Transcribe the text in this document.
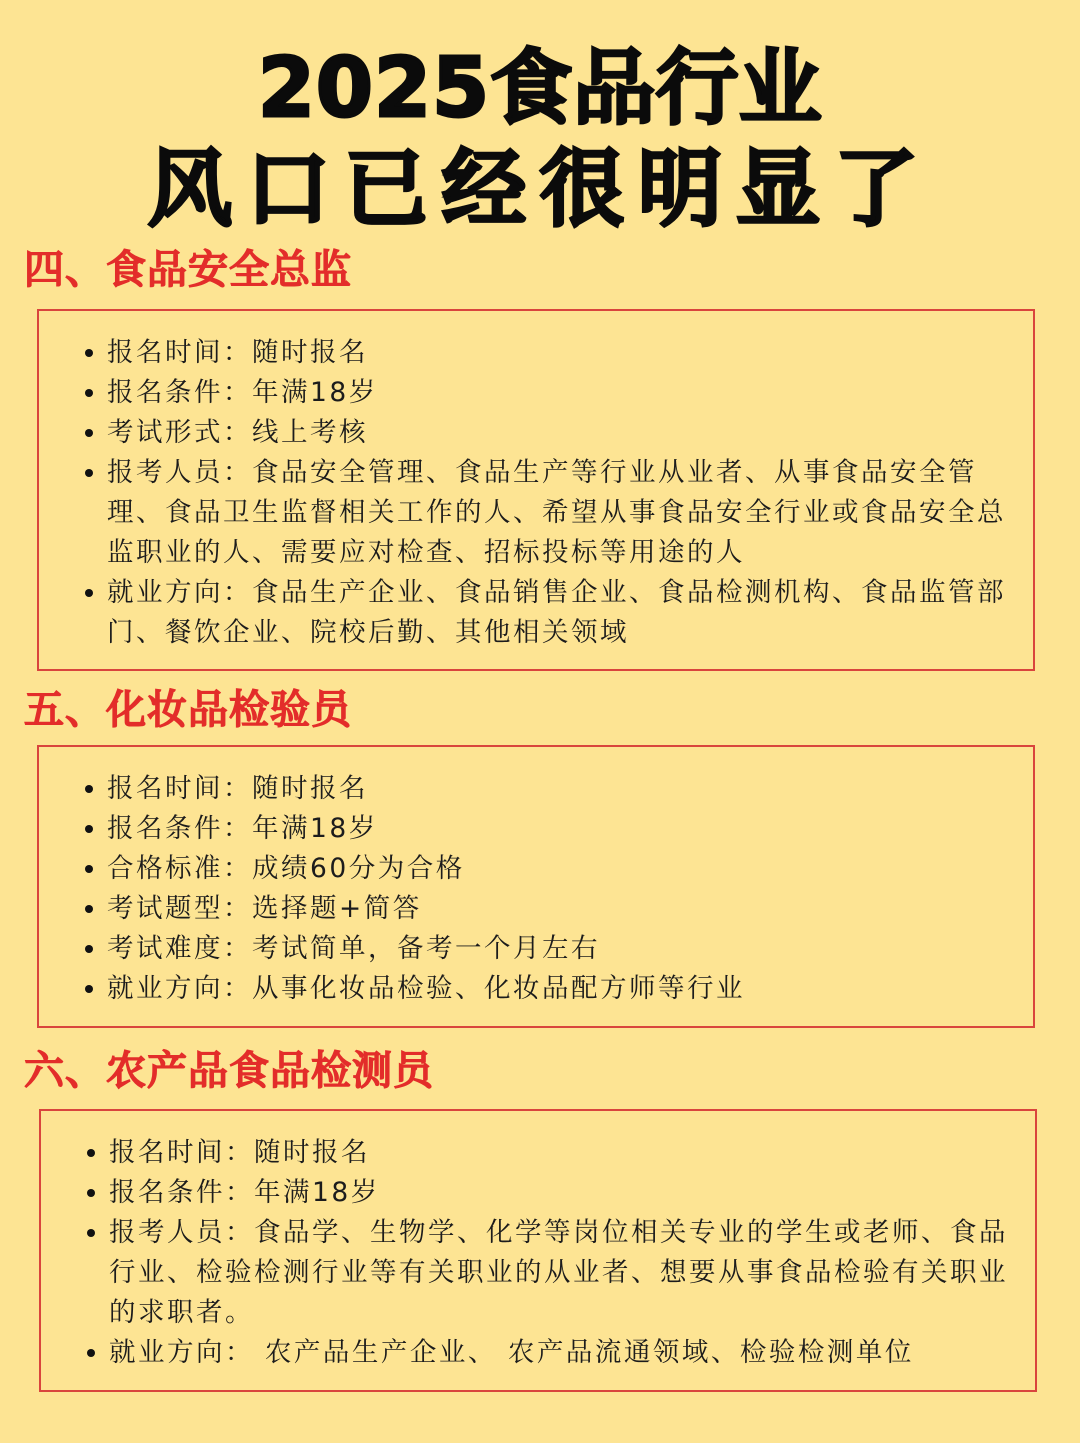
2025食品行业
风口已经很明显了
四、食品安全总监
报名时间：随时报名
报名条件：年满18岁
考试形式：线上考核
报考人员：食品安全管理、食品生产等行业从业者、从事食品安全管理、食品卫生监督相关工作的人、希望从事食品安全行业或食品安全总监职业的人、需要应对检查、招标投标等用途的人
就业方向：食品生产企业、食品销售企业、食品检测机构、食品监管部门、餐饮企业、院校后勤、其他相关领域
五、化妆品检验员
报名时间：随时报名
报名条件：年满18岁
合格标准：成绩60分为合格
考试题型：选择题+简答
考试难度：考试简单，备考一个月左右
就业方向：从事化妆品检验、化妆品配方师等行业
六、农产品食品检测员
报名时间：随时报名
报名条件：年满18岁
报考人员：食品学、生物学、化学等岗位相关专业的学生或老师、食品行业、检验检测行业等有关职业的从业者、想要从事食品检验有关职业的求职者。
就业方向： 农产品生产企业、 农产品流通领域、检验检测单位
